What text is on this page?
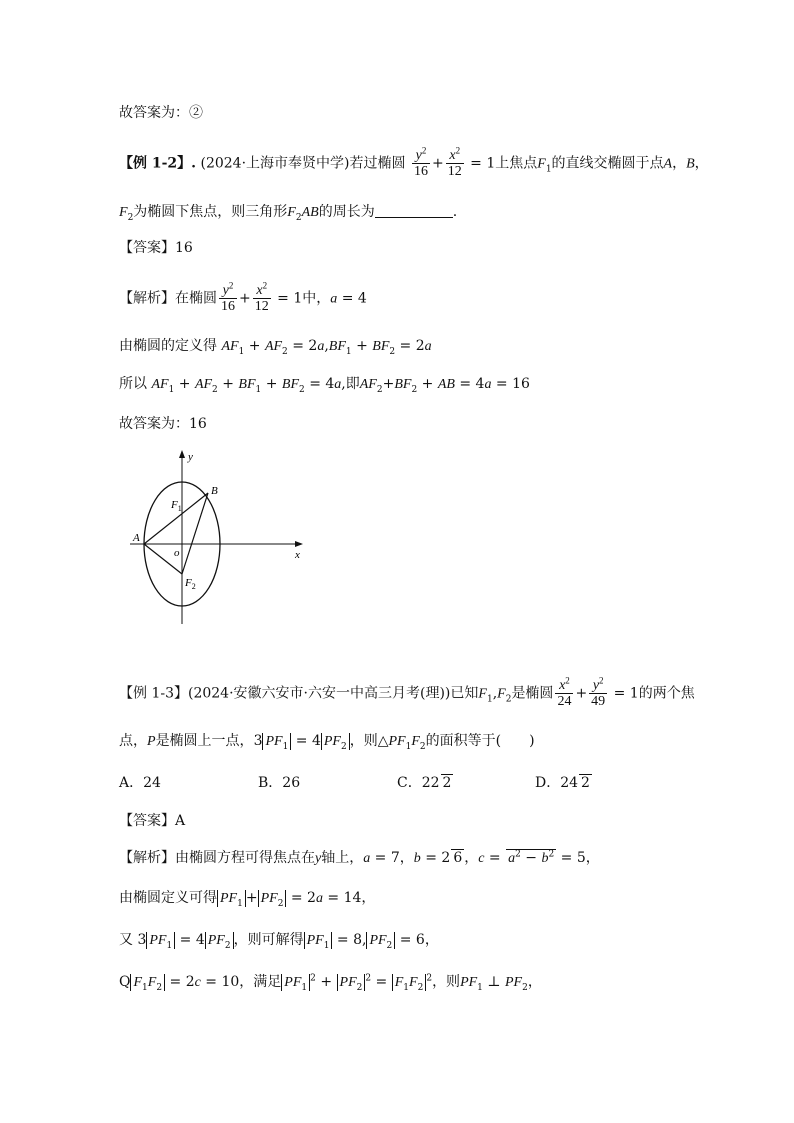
故答案为：②
【例 1-2】. (2024·上海市奉贤中学)若过椭圆 $\frac{y^2}{16} + \frac{x^2}{12} = 1$上焦点$F_1$的直线交椭圆于点A，B，
$F_2$为椭圆下焦点，则三角形$F_2AB$的周长为	.
【答案】16
【解析】在椭圆 $\frac{y^2}{16} + \frac{x^2}{12} = 1$中，a = 4
由椭圆的定义得 $AF_1 + AF_2 = 2a,BF_1 + BF_2 = 2a$
所以 $AF_1 + AF_2 + BF_1 + BF_2 = 4a$,即$AF_2+BF_2$ + AB = 4a = 16
故答案为：16
y
x
B
A
$F_1$
$F_2$
o
【例 1-3】(2024·安徽六安市·六安一中高三月考(理))已知$F_1,F_2$是椭圆 $\frac{x^2}{24} + \frac{y^2}{49} = 1$的两个焦
点，P是椭圆上一点，3 $PF_1 = 4$ $PF_2$ ，则$\triangle PF_1F_2$的面积等于(　　)
A．24	B．26	C．22 2	D．24 2
【答案】A
【解析】由椭圆方程可得焦点在y轴上，a = 7，b = 2 6 ，$c = a^2 - b^2 = 5$，
由椭圆定义可得 $PF_1 + PF_2 = 2a = 14$，
又 3 $PF_1 = 4$ $PF_2$ ，则可解得 $PF_1 = 8$, $PF_2 = 6$，
Q $F_1F_2 = 2c = 10$，满足 $PF_1^2 + PF_2^2 = F_1F_2^2$，则$PF_1$ ⊥ $PF_2$，
